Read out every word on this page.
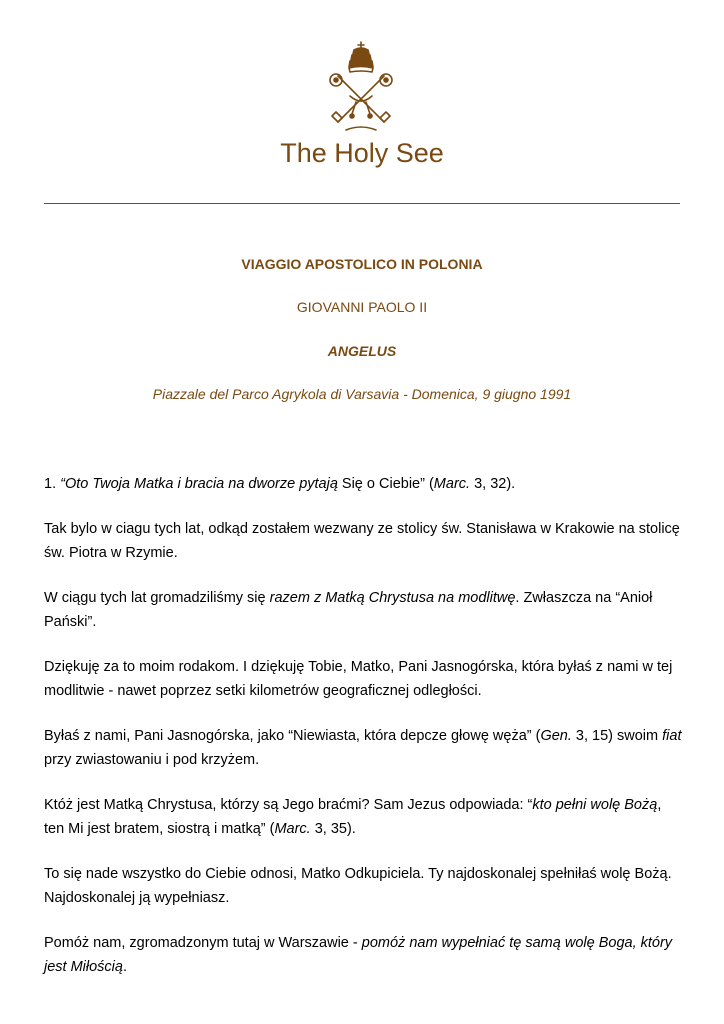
The Holy See
VIAGGIO APOSTOLICO IN POLONIA
GIOVANNI PAOLO II
ANGELUS
Piazzale del Parco Agrykola di Varsavia - Domenica, 9 giugno 1991

1. “Oto Twoja Matka i bracia na dworze pytają Się o Ciebie” (Marc. 3, 32).

Tak bylo w ciagu tych lat, odkąd zostałem wezwany ze stolicy św. Stanisława w Krakowie na stolicę św. Piotra w Rzymie.

W ciągu tych lat gromadziliśmy się razem z Matką Chrystusa na modlitwę. Zwłaszcza na “Anioł Pański”.

Dziękuję za to moim rodakom. I dziękuję Tobie, Matko, Pani Jasnogórska, która byłaś z nami w tej modlitwie - nawet poprzez setki kilometrów geograficznej odległości.

Byłaś z nami, Pani Jasnogórska, jako “Niewiasta, która depcze głowę węża” (Gen. 3, 15) swoim fiat przy zwiastowaniu i pod krzyżem.

Któż jest Matką Chrystusa, którzy są Jego braćmi? Sam Jezus odpowiada: “kto pełni wolę Bożą, ten Mi jest bratem, siostrą i matką” (Marc. 3, 35).

To się nade wszystko do Ciebie odnosi, Matko Odkupiciela. Ty najdoskonalej spełniłaś wolę Bożą. Najdoskonalej ją wypełniasz.

Pomóż nam, zgromadzonym tutaj w Warszawie - pomóż nam wypełniać tę samą wolę Boga, który jest Miłością.
